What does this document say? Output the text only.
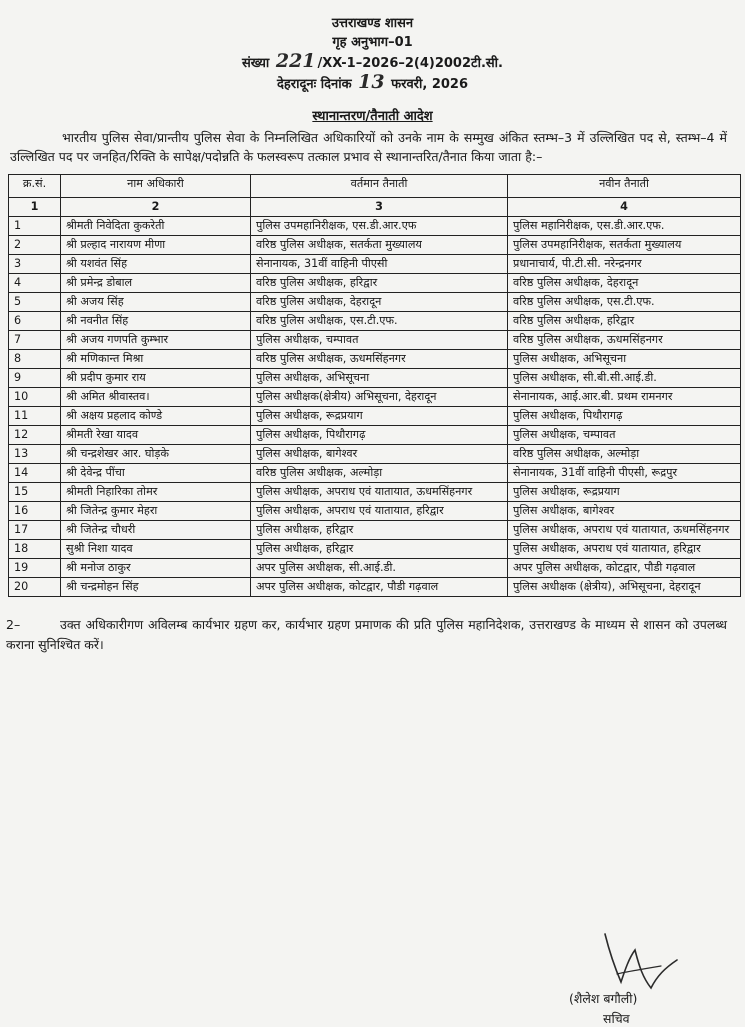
उत्तराखण्ड शासन
गृह अनुभाग–01
संख्या 221 /XX-1–2026–2(4)2002टी.सी.
देहरादूनः दिनांक 13 फरवरी, 2026
स्थानान्तरण/तैनाती आदेश
भारतीय पुलिस सेवा/प्रान्तीय पुलिस सेवा के निम्नलिखित अधिकारियों को उनके नाम के सम्मुख अंकित स्तम्भ–3 में उल्लिखित पद से, स्तम्भ–4 में उल्लिखित पद पर जनहित/रिक्ति के सापेक्ष/पदोन्नति के फलस्वरूप तत्काल प्रभाव से स्थानान्तरित/तैनात किया जाता है:–
क्र.सं.	नाम अधिकारी	वर्तमान तैनाती	नवीन तैनाती
1	2	3	4
1	श्रीमती निवेदिता कुकरेती	पुलिस उपमहानिरीक्षक, एस.डी.आर.एफ	पुलिस महानिरीक्षक, एस.डी.आर.एफ.
2	श्री प्रल्हाद नारायण मीणा	वरिष्ठ पुलिस अधीक्षक, सतर्कता मुख्यालय	पुलिस उपमहानिरीक्षक, सतर्कता मुख्यालय
3	श्री यशवंत सिंह	सेनानायक, 31वीं वाहिनी पीएसी	प्रधानाचार्य, पी.टी.सी. नरेन्द्रनगर
4	श्री प्रमेन्द्र डोबाल	वरिष्ठ पुलिस अधीक्षक, हरिद्वार	वरिष्ठ पुलिस अधीक्षक, देहरादून
5	श्री अजय सिंह	वरिष्ठ पुलिस अधीक्षक, देहरादून	वरिष्ठ पुलिस अधीक्षक, एस.टी.एफ.
6	श्री नवनीत सिंह	वरिष्ठ पुलिस अधीक्षक, एस.टी.एफ.	वरिष्ठ पुलिस अधीक्षक, हरिद्वार
7	श्री अजय गणपति कुम्भार	पुलिस अधीक्षक, चम्पावत	वरिष्ठ पुलिस अधीक्षक, ऊधमसिंहनगर
8	श्री मणिकान्त मिश्रा	वरिष्ठ पुलिस अधीक्षक, ऊधमसिंहनगर	पुलिस अधीक्षक, अभिसूचना
9	श्री प्रदीप कुमार राय	पुलिस अधीक्षक, अभिसूचना	पुलिस अधीक्षक, सी.बी.सी.आई.डी.
10	श्री अमित श्रीवास्तव।	पुलिस अधीक्षक(क्षेत्रीय) अभिसूचना, देहरादून	सेनानायक, आई.आर.बी. प्रथम रामनगर
11	श्री अक्षय प्रहलाद कोण्डे	पुलिस अधीक्षक, रूद्रप्रयाग	पुलिस अधीक्षक, पिथौरागढ़
12	श्रीमती रेखा यादव	पुलिस अधीक्षक, पिथौरागढ़	पुलिस अधीक्षक, चम्पावत
13	श्री चन्द्रशेखर आर. घोड़के	पुलिस अधीक्षक, बागेश्वर	वरिष्ठ पुलिस अधीक्षक, अल्मोड़ा
14	श्री देवेन्द्र पींचा	वरिष्ठ पुलिस अधीक्षक, अल्मोड़ा	सेनानायक, 31वीं वाहिनी पीएसी, रूद्रपुर
15	श्रीमती निहारिका तोमर	पुलिस अधीक्षक, अपराध एवं यातायात, ऊधमसिंहनगर	पुलिस अधीक्षक, रूद्रप्रयाग
16	श्री जितेन्द्र कुमार मेहरा	पुलिस अधीक्षक, अपराध एवं यातायात, हरिद्वार	पुलिस अधीक्षक, बागेश्वर
17	श्री जितेन्द्र चौधरी	पुलिस अधीक्षक, हरिद्वार	पुलिस अधीक्षक, अपराध एवं यातायात, ऊधमसिंहनगर
18	सुश्री निशा यादव	पुलिस अधीक्षक, हरिद्वार	पुलिस अधीक्षक, अपराध एवं यातायात, हरिद्वार
19	श्री मनोज ठाकुर	अपर पुलिस अधीक्षक, सी.आई.डी.	अपर पुलिस अधीक्षक, कोटद्वार, पौडी गढ़वाल
20	श्री चन्द्रमोहन सिंह	अपर पुलिस अधीक्षक, कोटद्वार, पौडी गढ़वाल	पुलिस अधीक्षक (क्षेत्रीय), अभिसूचना, देहरादून
2–	उक्त अधिकारीगण अविलम्ब कार्यभार ग्रहण कर, कार्यभार ग्रहण प्रमाणक की प्रति पुलिस महानिदेशक, उत्तराखण्ड के माध्यम से शासन को उपलब्ध कराना सुनिश्चित करें।
(शैलेश बगौली)
सचिव
